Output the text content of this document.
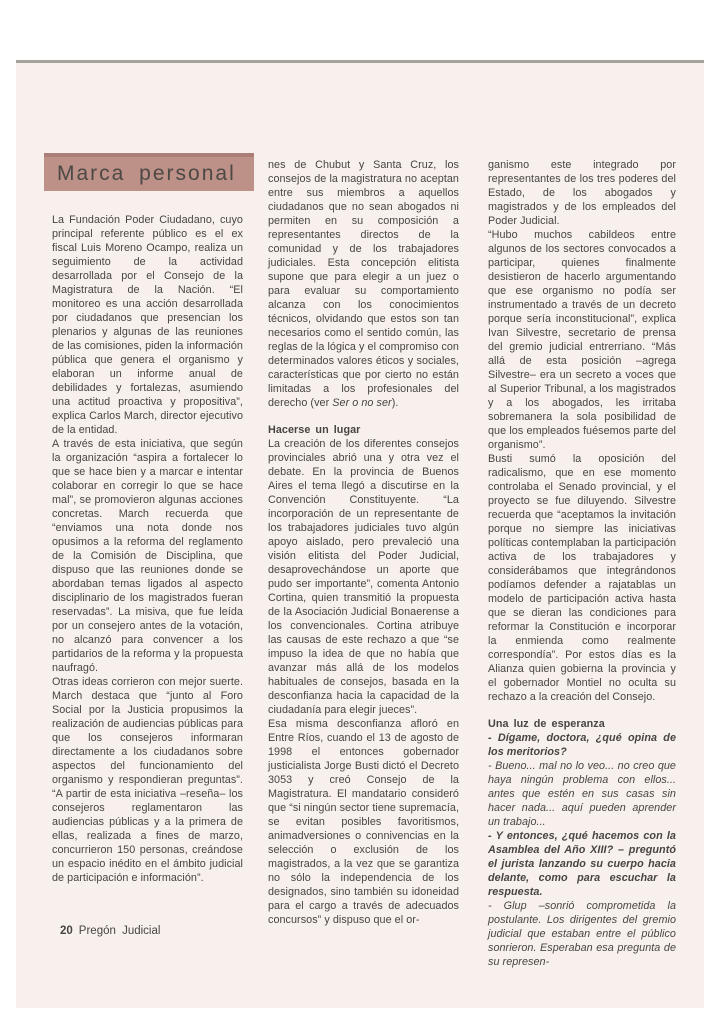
Marca personal

La Fundación Poder Ciudadano, cuyo principal referente público es el ex fiscal Luis Moreno Ocampo, realiza un seguimiento de la actividad desarrollada por el Consejo de la Magistratura de la Nación. “El monitoreo es una acción desarrollada por ciudadanos que presencian los plenarios y algunas de las reuniones de las comisiones, piden la información pública que genera el organismo y elaboran un informe anual de debilidades y fortalezas, asumiendo una actitud proactiva y propositiva”, explica Carlos March, director ejecutivo de la entidad.

A través de esta iniciativa, que según la organización “aspira a fortalecer lo que se hace bien y a marcar e intentar colaborar en corregir lo que se hace mal”, se promovieron algunas acciones concretas. March recuerda que “enviamos una nota donde nos opusimos a la reforma del reglamento de la Comisión de Disciplina, que dispuso que las reuniones donde se abordaban temas ligados al aspecto disciplinario de los magistrados fueran reservadas”. La misiva, que fue leída por un consejero antes de la votación, no alcanzó para convencer a los partidarios de la reforma y la propuesta naufragó.

Otras ideas corrieron con mejor suerte. March destaca que “junto al Foro Social por la Justicia propusimos la realización de audiencias públicas para que los consejeros informaran directamente a los ciudadanos sobre aspectos del funcionamiento del organismo y respondieran preguntas”. “A partir de esta iniciativa –reseña– los consejeros reglamentaron las audiencias públicas y a la primera de ellas, realizada a fines de marzo, concurrieron 150 personas, creándose un espacio inédito en el ámbito judicial de participación e información”.

nes de Chubut y Santa Cruz, los consejos de la magistratura no aceptan entre sus miembros a aquellos ciudadanos que no sean abogados ni permiten en su composición a representantes directos de la comunidad y de los trabajadores judiciales. Esta concepción elitista supone que para elegir a un juez o para evaluar su comportamiento alcanza con los conocimientos técnicos, olvidando que estos son tan necesarios como el sentido común, las reglas de la lógica y el compromiso con determinados valores éticos y sociales, características que por cierto no están limitadas a los profesionales del derecho (ver Ser o no ser).

Hacerse un lugar

La creación de los diferentes consejos provinciales abrió una y otra vez el debate. En la provincia de Buenos Aires el tema llegó a discutirse en la Convención Constituyente. “La incorporación de un representante de los trabajadores judiciales tuvo algún apoyo aislado, pero prevaleció una visión elitista del Poder Judicial, desaprovechándose un aporte que pudo ser importante”, comenta Antonio Cortina, quien transmitió la propuesta de la Asociación Judicial Bonaerense a los convencionales. Cortina atribuye las causas de este rechazo a que “se impuso la idea de que no había que avanzar más allá de los modelos habituales de consejos, basada en la desconfianza hacia la capacidad de la ciudadanía para elegir jueces”.

Esa misma desconfianza afloró en Entre Ríos, cuando el 13 de agosto de 1998 el entonces gobernador justicialista Jorge Busti dictó el Decreto 3053 y creó Consejo de la Magistratura. El mandatario consideró que “si ningún sector tiene supremacía, se evitan posibles favoritismos, animadversiones o connivencias en la selección o exclusión de los magistrados, a la vez que se garantiza no sólo la independencia de los designados, sino también su idoneidad para el cargo a través de adecuados concursos” y dispuso que el or-

ganismo este integrado por representantes de los tres poderes del Estado, de los abogados y magistrados y de los empleados del Poder Judicial.

“Hubo muchos cabildeos entre algunos de los sectores convocados a participar, quienes finalmente desistieron de hacerlo argumentando que ese organismo no podía ser instrumentado a través de un decreto porque sería inconstitucional”, explica Ivan Silvestre, secretario de prensa del gremio judicial entrerriano. “Más allá de esta posición –agrega Silvestre– era un secreto a voces que al Superior Tribunal, a los magistrados y a los abogados, les irritaba sobremanera la sola posibilidad de que los empleados fuésemos parte del organismo”.

Busti sumó la oposición del radicalismo, que en ese momento controlaba el Senado provincial, y el proyecto se fue diluyendo. Silvestre recuerda que “aceptamos la invitación porque no siempre las iniciativas políticas contemplaban la participación activa de los trabajadores y considerábamos que integrándonos podíamos defender a rajatablas un modelo de participación activa hasta que se dieran las condiciones para reformar la Constitución e incorporar la enmienda como realmente correspondía”. Por estos días es la Alianza quien gobierna la provincia y el gobernador Montiel no oculta su rechazo a la creación del Consejo.

Una luz de esperanza

- Dígame, doctora, ¿qué opina de los meritorios?

- Bueno... mal no lo veo... no creo que haya ningún problema con ellos... antes que estén en sus casas sin hacer nada... aquí pueden aprender un trabajo...

- Y entonces, ¿qué hacemos con la Asamblea del Año XIII? – preguntó el jurista lanzando su cuerpo hacia delante, como para escuchar la respuesta.

- Glup –sonrió comprometida la postulante. Los dirigentes del gremio judicial que estaban entre el público sonrieron. Esperaban esa pregunta de su represen-

20 Pregón Judicial
